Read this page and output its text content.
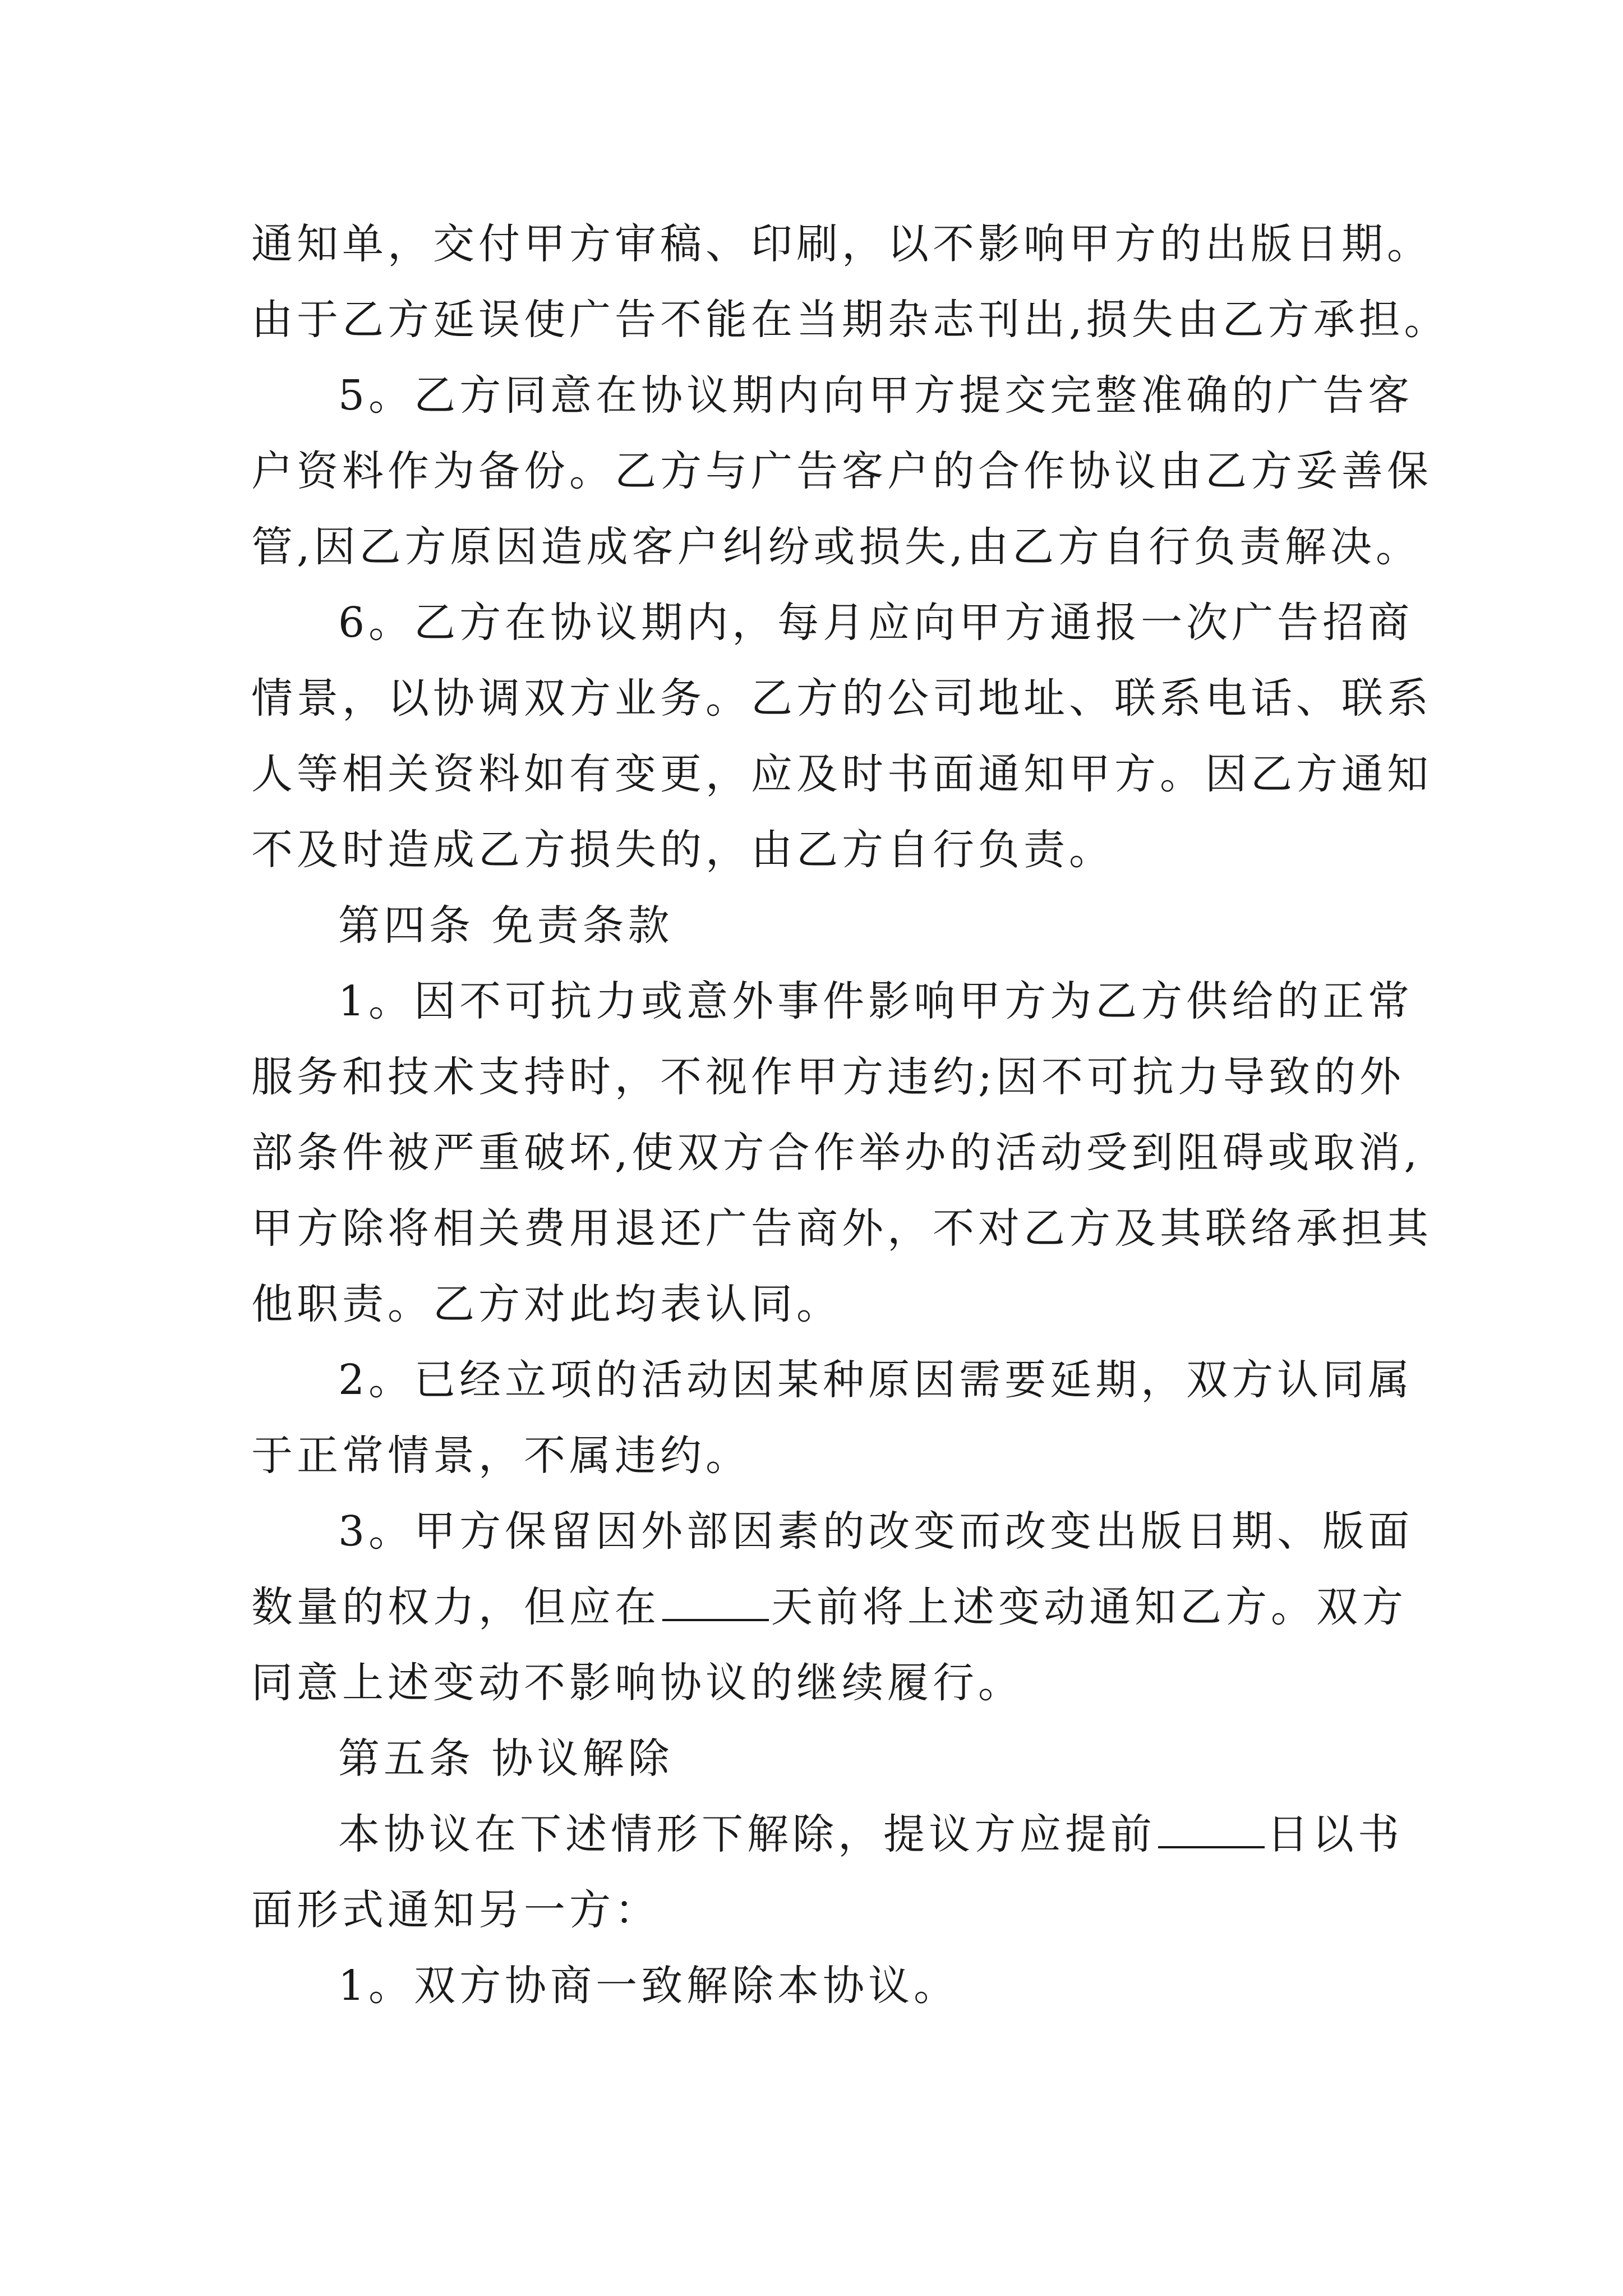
通知单，交付甲方审稿、印刷，以不影响甲方的出版日期。

由于乙方延误使广告不能在当期杂志刊出,损失由乙方承担。

5。乙方同意在协议期内向甲方提交完整准确的广告客

户资料作为备份。乙方与广告客户的合作协议由乙方妥善保

管,因乙方原因造成客户纠纷或损失,由乙方自行负责解决。

6。乙方在协议期内，每月应向甲方通报一次广告招商

情景，以协调双方业务。乙方的公司地址、联系电话、联系

人等相关资料如有变更，应及时书面通知甲方。因乙方通知

不及时造成乙方损失的，由乙方自行负责。

第四条 免责条款

1。因不可抗力或意外事件影响甲方为乙方供给的正常

服务和技术支持时，不视作甲方违约;因不可抗力导致的外

部条件被严重破坏,使双方合作举办的活动受到阻碍或取消,

甲方除将相关费用退还广告商外，不对乙方及其联络承担其

他职责。乙方对此均表认同。

2。已经立项的活动因某种原因需要延期，双方认同属

于正常情景，不属违约。

3。甲方保留因外部因素的改变而改变出版日期、版面

数量的权力，但应在	天前将上述变动通知乙方。双方

同意上述变动不影响协议的继续履行。

第五条 协议解除

本协议在下述情形下解除，提议方应提前	日以书

面形式通知另一方：

1。双方协商一致解除本协议。
